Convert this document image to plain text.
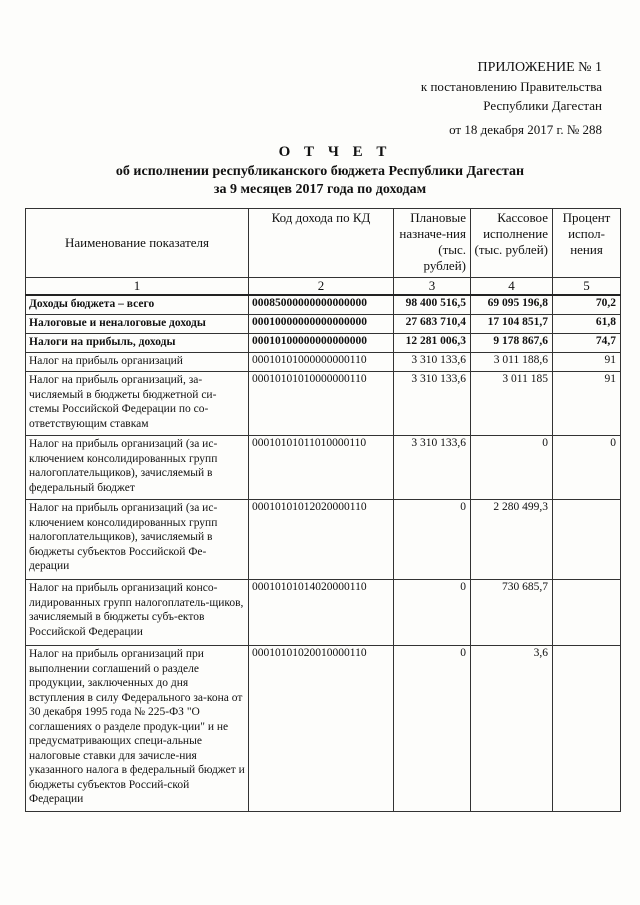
ПРИЛОЖЕНИЕ № 1
к постановлению Правительства
Республики Дагестан
от 18 декабря 2017 г. № 288
О Т Ч Е Т
об исполнении республиканского бюджета Республики Дагестан
за 9 месяцев 2017 года по доходам
Наименование показателя	Код дохода по КД	Плановые назначе-ния (тыс. рублей)	Кассовое исполнение (тыс. рублей)	Процент испол-нения
1	2	3	4	5
Доходы бюджета – всего	00085000000000000000	98 400 516,5	69 095 196,8	70,2
Налоговые и неналоговые доходы	00010000000000000000	27 683 710,4	17 104 851,7	61,8
Налоги на прибыль, доходы	00010100000000000000	12 281 006,3	9 178 867,6	74,7
Налог на прибыль организаций	00010101000000000110	3 310 133,6	3 011 188,6	91
Налог на прибыль организаций, за-числяемый в бюджеты бюджетной си-стемы Российской Федерации по со-ответствующим ставкам	00010101010000000110	3 310 133,6	3 011 185	91
Налог на прибыль организаций (за ис-ключением консолидированных групп налогоплательщиков), зачисляемый в федеральный бюджет	00010101011010000110	3 310 133,6	0	0
Налог на прибыль организаций (за ис-ключением консолидированных групп налогоплательщиков), зачисляемый в бюджеты субъектов Российской Фе-дерации	00010101012020000110	0	2 280 499,3	
Налог на прибыль организаций консо-лидированных групп налогоплатель-щиков, зачисляемый в бюджеты субъ-ектов Российской Федерации	00010101014020000110	0	730 685,7	
Налог на прибыль организаций при выполнении соглашений о разделе продукции, заключенных до дня вступления в силу Федерального за-кона от 30 декабря 1995 года № 225-ФЗ "О соглашениях о разделе продук-ции" и не предусматривающих специ-альные налоговые ставки для зачисле-ния указанного налога в федеральный бюджет и бюджеты субъектов Россий-ской Федерации	00010101020010000110	0	3,6	
